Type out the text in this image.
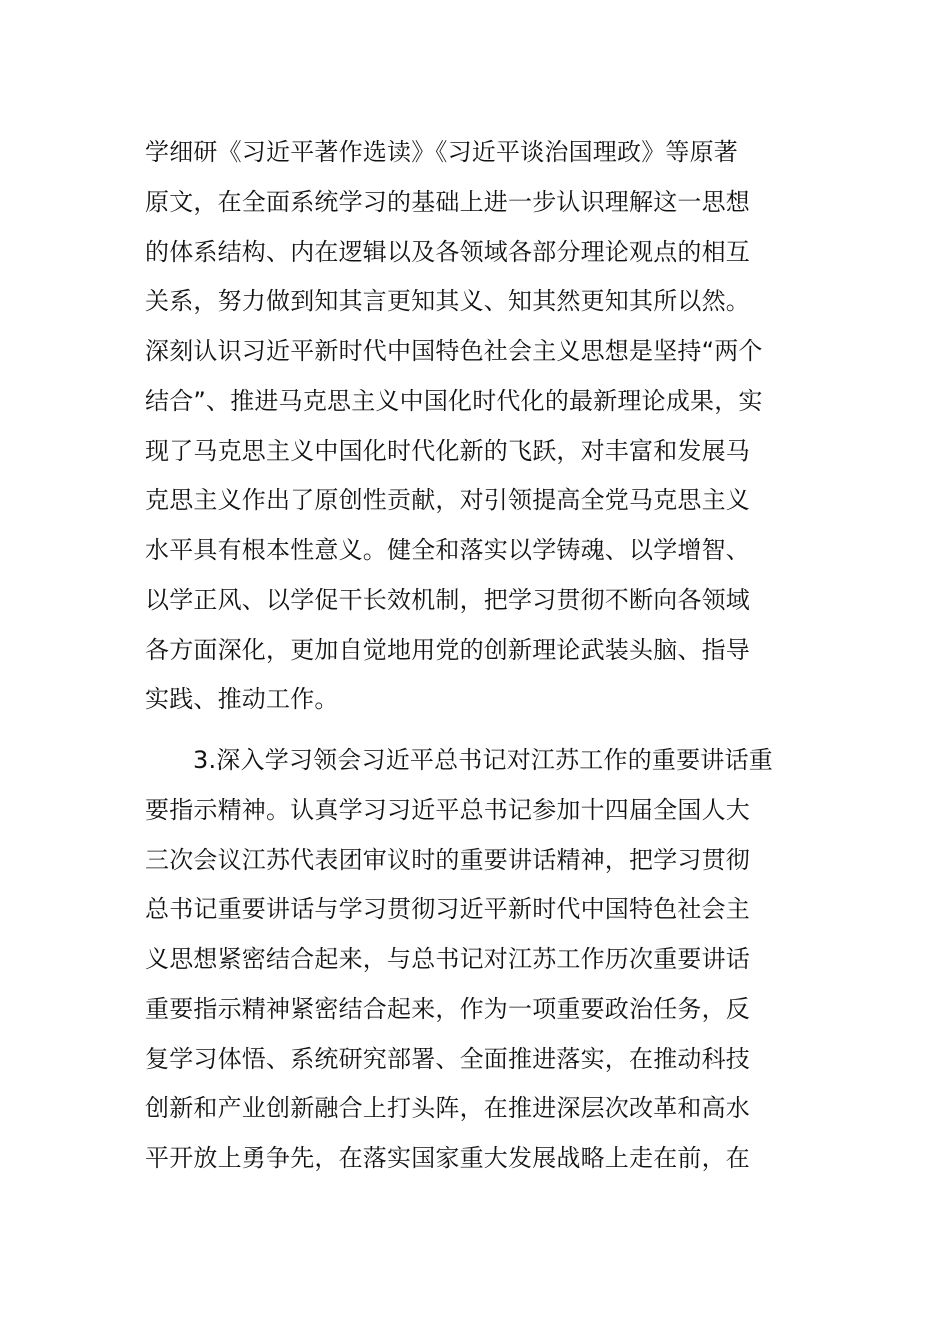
学细研《习近平著作选读》《习近平谈治国理政》等原著
原文，在全面系统学习的基础上进一步认识理解这一思想
的体系结构、内在逻辑以及各领域各部分理论观点的相互
关系，努力做到知其言更知其义、知其然更知其所以然。
深刻认识习近平新时代中国特色社会主义思想是坚持“两个
结合”、推进马克思主义中国化时代化的最新理论成果，实
现了马克思主义中国化时代化新的飞跃，对丰富和发展马
克思主义作出了原创性贡献，对引领提高全党马克思主义
水平具有根本性意义。健全和落实以学铸魂、以学增智、
以学正风、以学促干长效机制，把学习贯彻不断向各领域
各方面深化，更加自觉地用党的创新理论武装头脑、指导
实践、推动工作。
3.深入学习领会习近平总书记对江苏工作的重要讲话重
要指示精神。认真学习习近平总书记参加十四届全国人大
三次会议江苏代表团审议时的重要讲话精神，把学习贯彻
总书记重要讲话与学习贯彻习近平新时代中国特色社会主
义思想紧密结合起来，与总书记对江苏工作历次重要讲话
重要指示精神紧密结合起来，作为一项重要政治任务，反
复学习体悟、系统研究部署、全面推进落实，在推动科技
创新和产业创新融合上打头阵，在推进深层次改革和高水
平开放上勇争先，在落实国家重大发展战略上走在前，在
